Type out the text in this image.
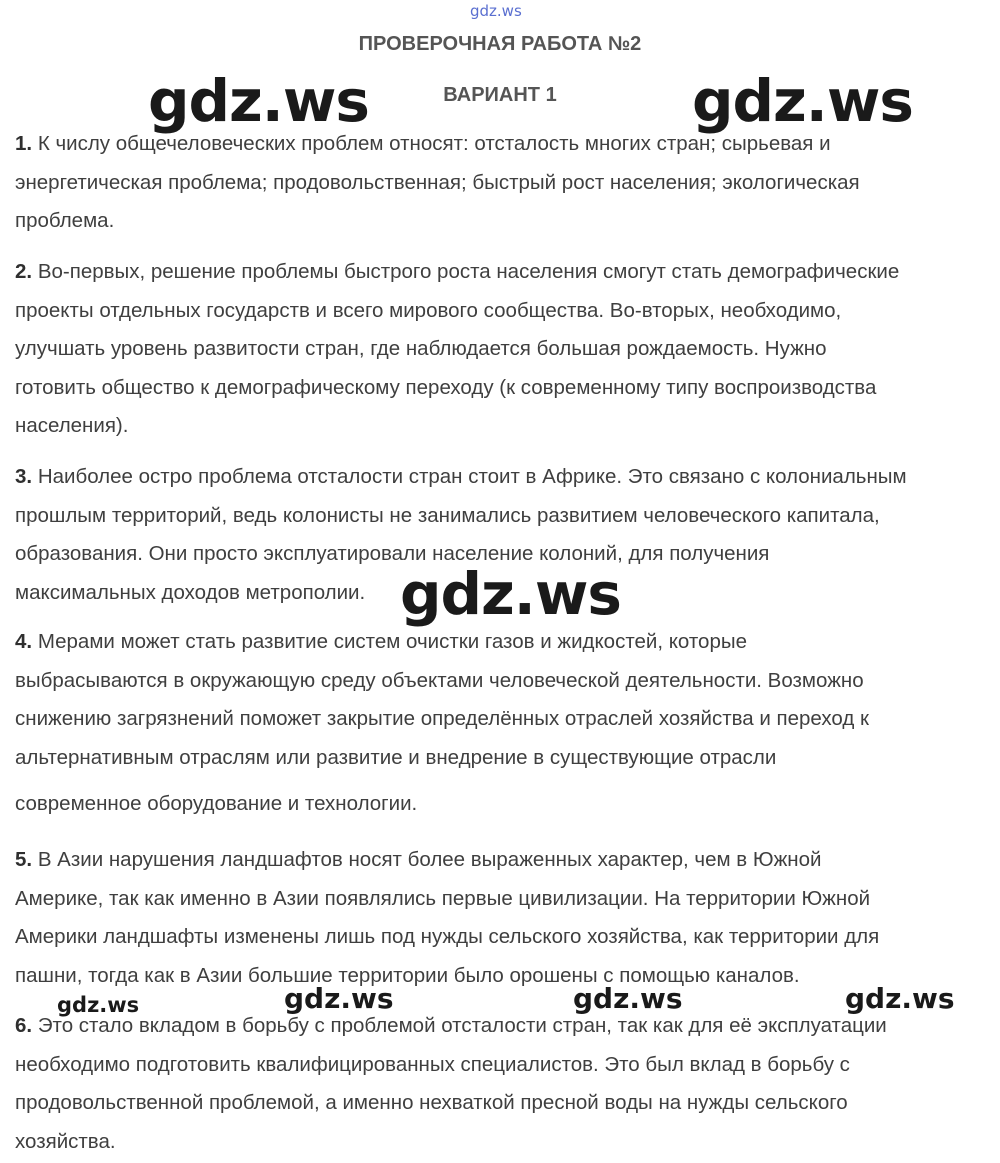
gdz.ws
ПРОВЕРОЧНАЯ РАБОТА №2
ВАРИАНТ 1
1. К числу общечеловеческих проблем относят: отсталость многих стран; сырьевая и
энергетическая проблема; продовольственная; быстрый рост населения; экологическая
проблема.
2. Во-первых, решение проблемы быстрого роста населения смогут стать демографические
проекты отдельных государств и всего мирового сообщества. Во-вторых, необходимо,
улучшать уровень развитости стран, где наблюдается большая рождаемость. Нужно
готовить общество к демографическому переходу (к современному типу воспроизводства
населения).
3. Наиболее остро проблема отсталости стран стоит в Африке. Это связано с колониальным
прошлым территорий, ведь колонисты не занимались развитием человеческого капитала,
образования. Они просто эксплуатировали население колоний, для получения
максимальных доходов метрополии.
4. Мерами может стать развитие систем очистки газов и жидкостей, которые
выбрасываются в окружающую среду объектами человеческой деятельности. Возможно
снижению загрязнений поможет закрытие определённых отраслей хозяйства и переход к
альтернативным отраслям или развитие и внедрение в существующие отрасли
современное оборудование и технологии.
5. В Азии нарушения ландшафтов носят более выраженных характер, чем в Южной
Америке, так как именно в Азии появлялись первые цивилизации. На территории Южной
Америки ландшафты изменены лишь под нужды сельского хозяйства, как территории для
пашни, тогда как в Азии большие территории было орошены с помощью каналов.
6. Это стало вкладом в борьбу с проблемой отсталости стран, так как для её эксплуатации
необходимо подготовить квалифицированных специалистов. Это был вклад в борьбу с
продовольственной проблемой, а именно нехваткой пресной воды на нужды сельского
хозяйства.
gdz.ws	gdz.ws
gdz.ws
gdz.ws	gdz.ws	gdz.ws	gdz.ws
